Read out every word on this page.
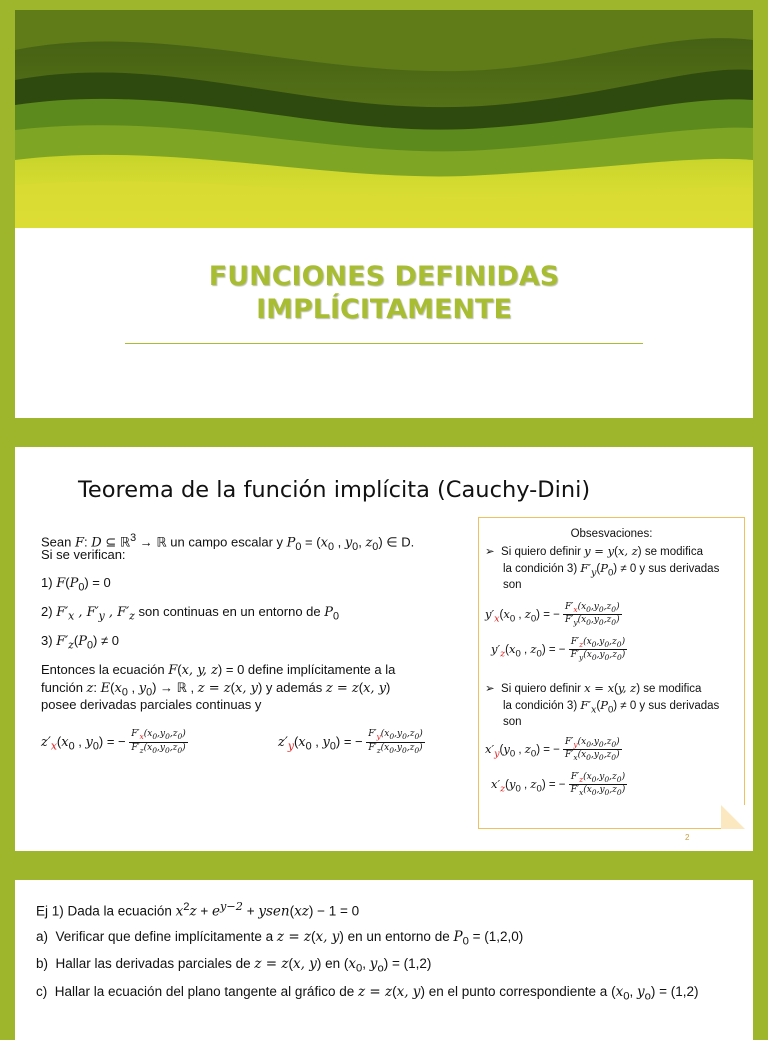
FUNCIONES DEFINIDAS
IMPLÍCITAMENTE
Teorema de la función implícita (Cauchy-Dini)
Sean F: D ⊆ ℝ$^3$ → ℝ un campo escalar y $P_0 = (x_0$ , $y_0$, $z_0$) ∈ D.
Si se verifican:
1) $F(P_0) = 0$
2) $F'_x$ , $F'_y$ , $F'_z$ son continuas en un entorno de $P_0$
3) $F'_z(P_0) \ne 0$
Entonces la ecuación F(x, y, z) = 0 define implícitamente a la
función z: $E(x_0$ , $y_0$) → ℝ , z = z(x, y) y además z = z(x, y)
posee derivadas parciales continuas y
$z'_x(x_0$ , $y_0$) = − $\frac{F'_x(x_0,y_0,z_0)}{F'_z(x_0,y_0,z_0)}$	$z'_y(x_0$ , $y_0$) = − $\frac{F'_y(x_0,y_0,z_0)}{F'_z(x_0,y_0,z_0)}$
Obsesvaciones:
➢  Si quiero definir y = y(x, z) se modifica
la condición 3) $F'_y(P_0) \ne 0$ y sus derivadas
son
$y'_x(x_0$ , $z_0$) = − $\frac{F'_x(x_0,y_0,z_0)}{F'_y(x_0,y_0,z_0)}$
$y'_z(x_0$ , $z_0$) = − $\frac{F'_z(x_0,y_0,z_0)}{F'_y(x_0,y_0,z_0)}$
➢  Si quiero definir x = x(y, z) se modifica
la condición 3) $F'_x(P_0) \ne 0$ y sus derivadas
son
$x'_y(y_0$ , $z_0$) = − $\frac{F'_y(x_0,y_0,z_0)}{F'_x(x_0,y_0,z_0)}$
$x'_z(y_0$ , $z_0$) = − $\frac{F'_z(x_0,y_0,z_0)}{F'_x(x_0,y_0,z_0)}$
2
Ej 1) Dada la ecuación $x^2z + e^{y-2}$ + ysen(xz) − 1 = 0
a) Verificar que define implícitamente a z = z(x, y) en un entorno de $P_0 = (1,2,0)$
b) Hallar las derivadas parciales de z = z(x, y) en ($x_0$, $y_o) = (1,2)$
c) Hallar la ecuación del plano tangente al gráfico de z = z(x, y) en el punto correspondiente a ($x_0$, $y_o) = (1,2)$
